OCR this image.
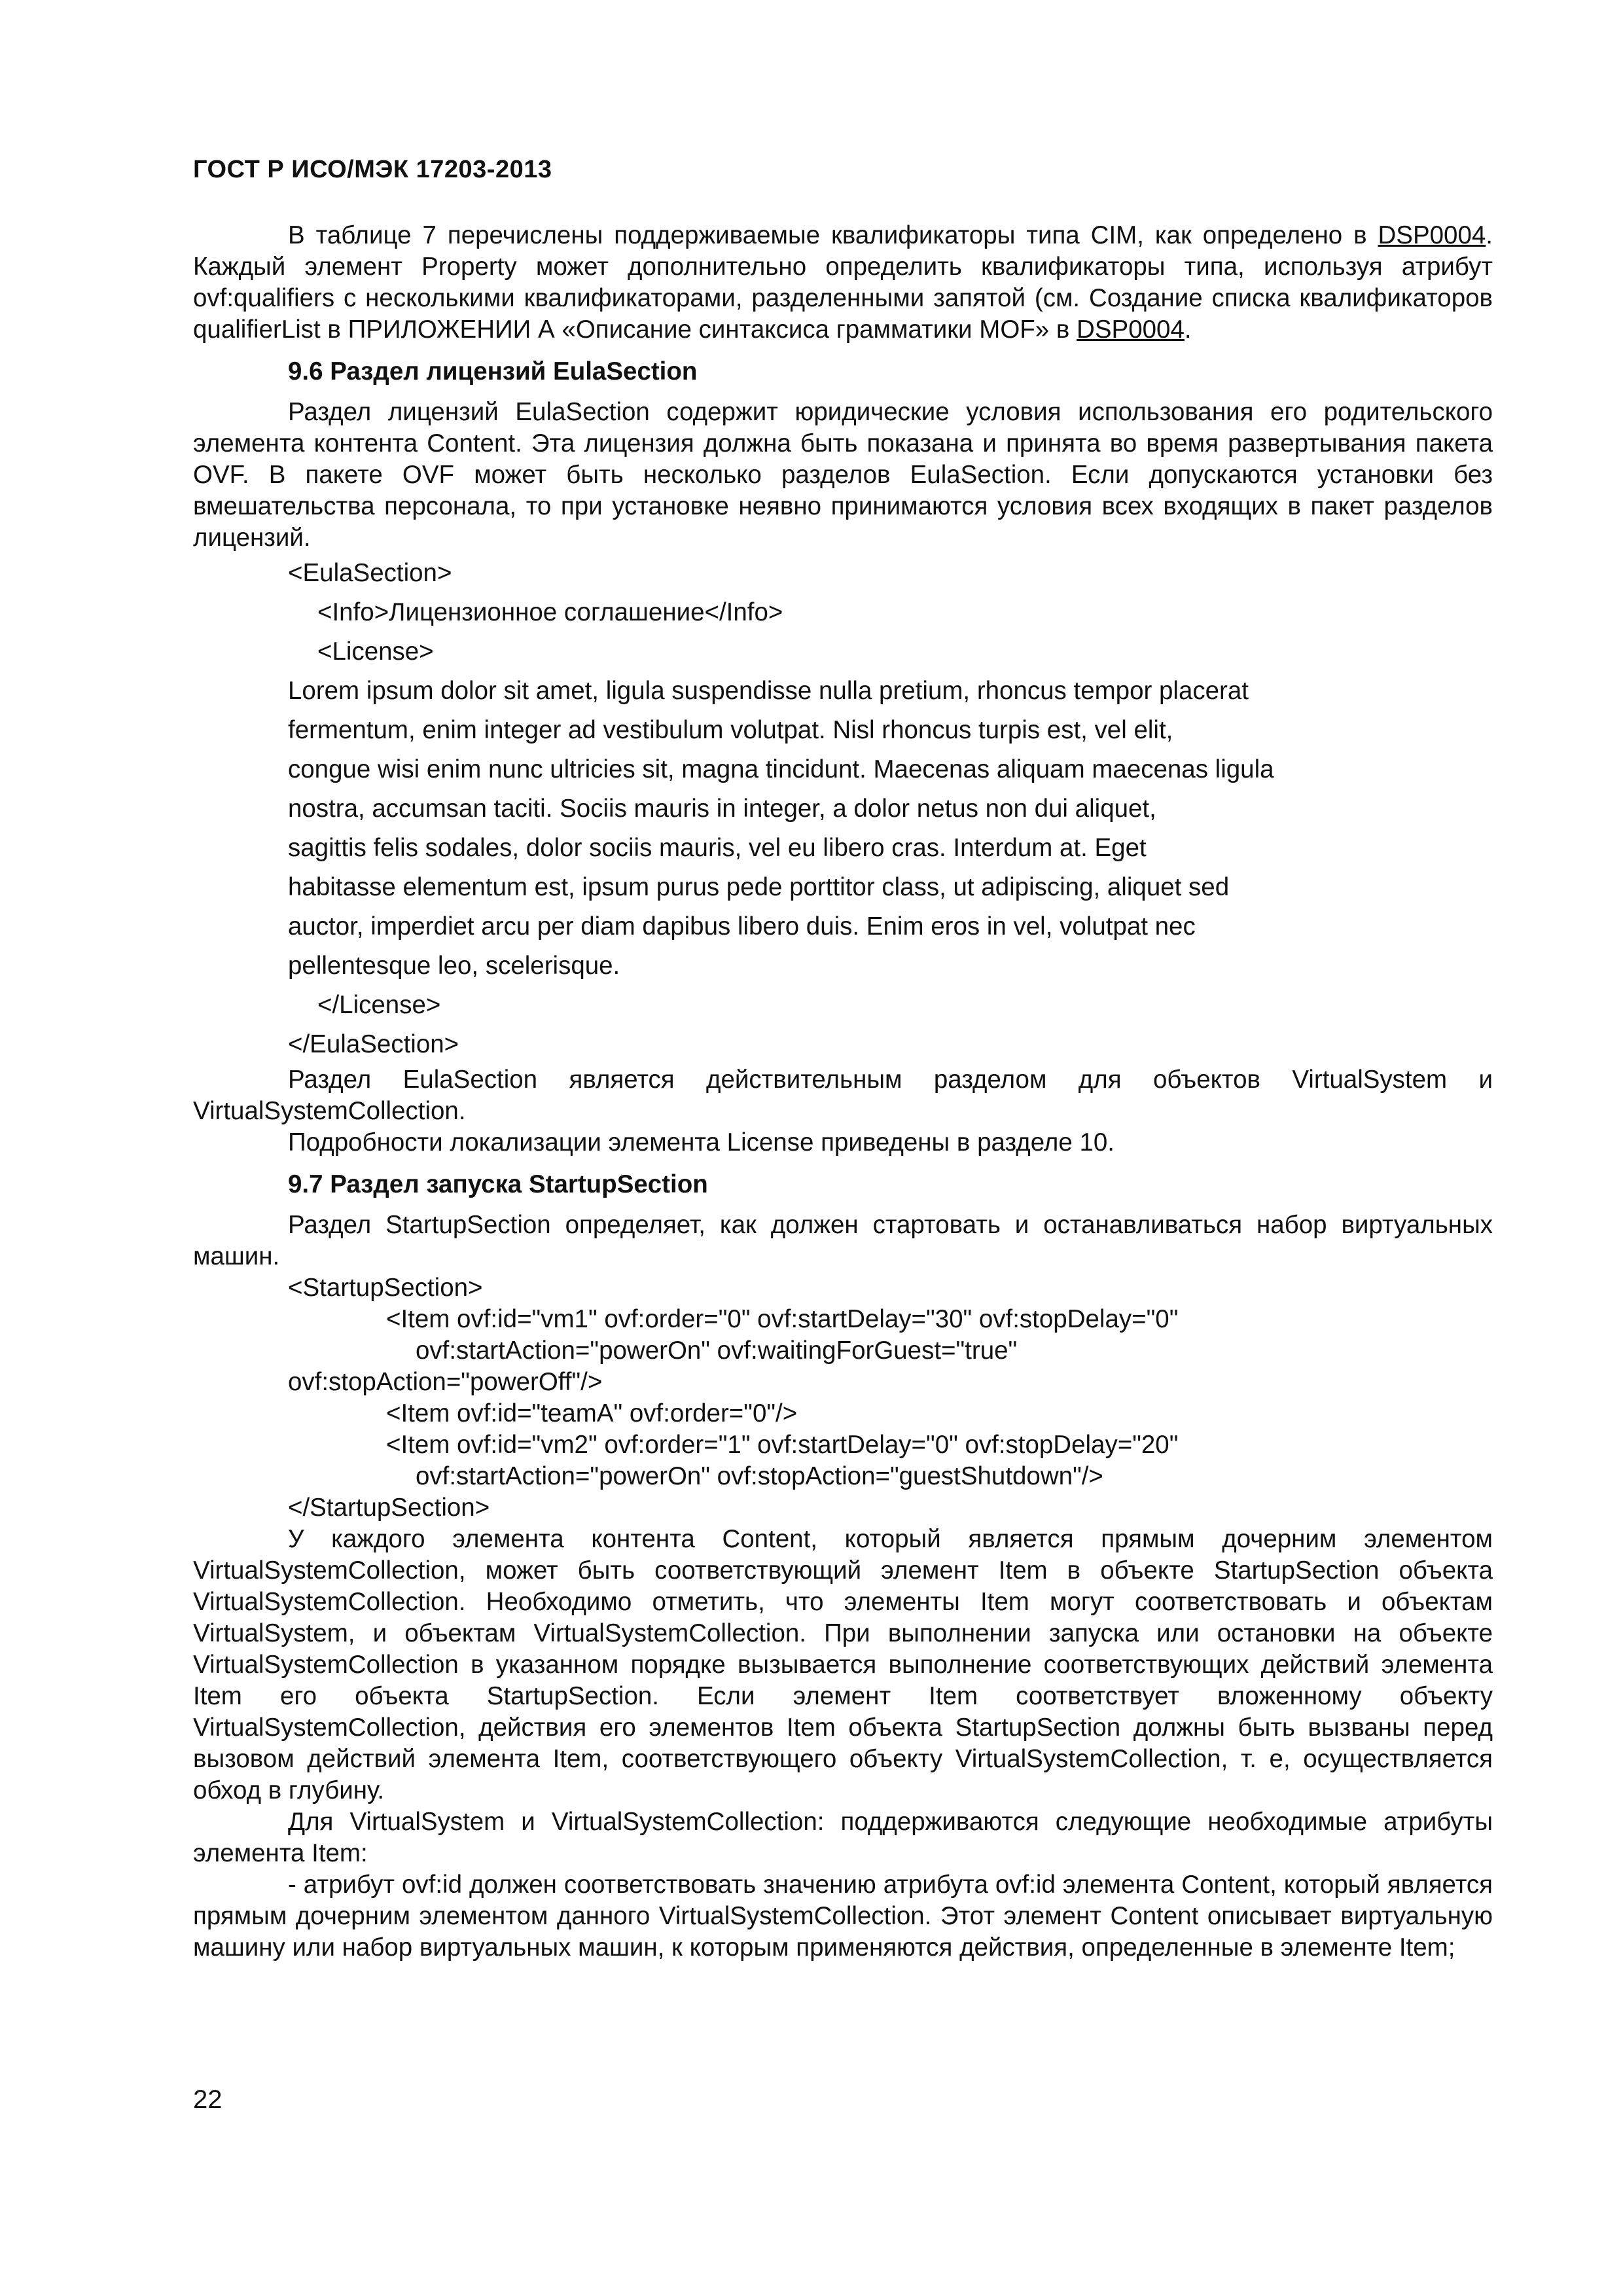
ГОСТ Р ИСО/МЭК 17203-2013

В таблице 7 перечислены поддерживаемые квалификаторы типа CIM, как определено в DSP0004. Каждый элемент Property может дополнительно определить квалификаторы типа, используя атрибут ovf:qualifiers с несколькими квалификаторами, разделенными запятой (см. Создание списка квалификаторов qualifierList в ПРИЛОЖЕНИИ А «Описание синтаксиса грамматики MOF» в DSP0004.

9.6 Раздел лицензий EulaSection

Раздел лицензий EulaSection содержит юридические условия использования его родительского элемента контента Content. Эта лицензия должна быть показана и принята во время развертывания пакета OVF. В пакете OVF может быть несколько разделов EulaSection. Если допускаются установки без вмешательства персонала, то при установке неявно принимаются условия всех входящих в пакет разделов лицензий.

<EulaSection>
<Info>Лицензионное соглашение</Info>
<License>
Lorem ipsum dolor sit amet, ligula suspendisse nulla pretium, rhoncus tempor placerat
fermentum, enim integer ad vestibulum volutpat. Nisl rhoncus turpis est, vel elit,
congue wisi enim nunc ultricies sit, magna tincidunt. Maecenas aliquam maecenas ligula
nostra, accumsan taciti. Sociis mauris in integer, a dolor netus non dui aliquet,
sagittis felis sodales, dolor sociis mauris, vel eu libero cras. Interdum at. Eget
habitasse elementum est, ipsum purus pede porttitor class, ut adipiscing, aliquet sed
auctor, imperdiet arcu per diam dapibus libero duis. Enim eros in vel, volutpat nec
pellentesque leo, scelerisque.
</License>
</EulaSection>

Раздел EulaSection является действительным разделом для объектов VirtualSystem и VirtualSystemCollection.

Подробности локализации элемента License приведены в разделе 10.

9.7 Раздел запуска StartupSection

Раздел StartupSection определяет, как должен стартовать и останавливаться набор виртуальных машин.

<StartupSection>
<Item ovf:id="vm1" ovf:order="0" ovf:startDelay="30" ovf:stopDelay="0"
ovf:startAction="powerOn" ovf:waitingForGuest="true"
ovf:stopAction="powerOff"/>
<Item ovf:id="teamA" ovf:order="0"/>
<Item ovf:id="vm2" ovf:order="1" ovf:startDelay="0" ovf:stopDelay="20"
ovf:startAction="powerOn" ovf:stopAction="guestShutdown"/>
</StartupSection>

У каждого элемента контента Content, который является прямым дочерним элементом VirtualSystemCollection, может быть соответствующий элемент Item в объекте StartupSection объекта VirtualSystemCollection. Необходимо отметить, что элементы Item могут соответствовать и объектам VirtualSystem, и объектам VirtualSystemCollection. При выполнении запуска или остановки на объекте VirtualSystemCollection в указанном порядке вызывается выполнение соответствующих действий элемента Item его объекта StartupSection. Если элемент Item соответствует вложенному объекту VirtualSystemCollection, действия его элементов Item объекта StartupSection должны быть вызваны перед вызовом действий элемента Item, соответствующего объекту VirtualSystemCollection, т. е, осуществляется обход в глубину.

Для VirtualSystem и VirtualSystemCollection: поддерживаются следующие необходимые атрибуты элемента Item:

- атрибут ovf:id должен соответствовать значению атрибута ovf:id элемента Content, который является прямым дочерним элементом данного VirtualSystemCollection. Этот элемент Content описывает виртуальную машину или набор виртуальных машин, к которым применяются действия, определенные в элементе Item;

22
